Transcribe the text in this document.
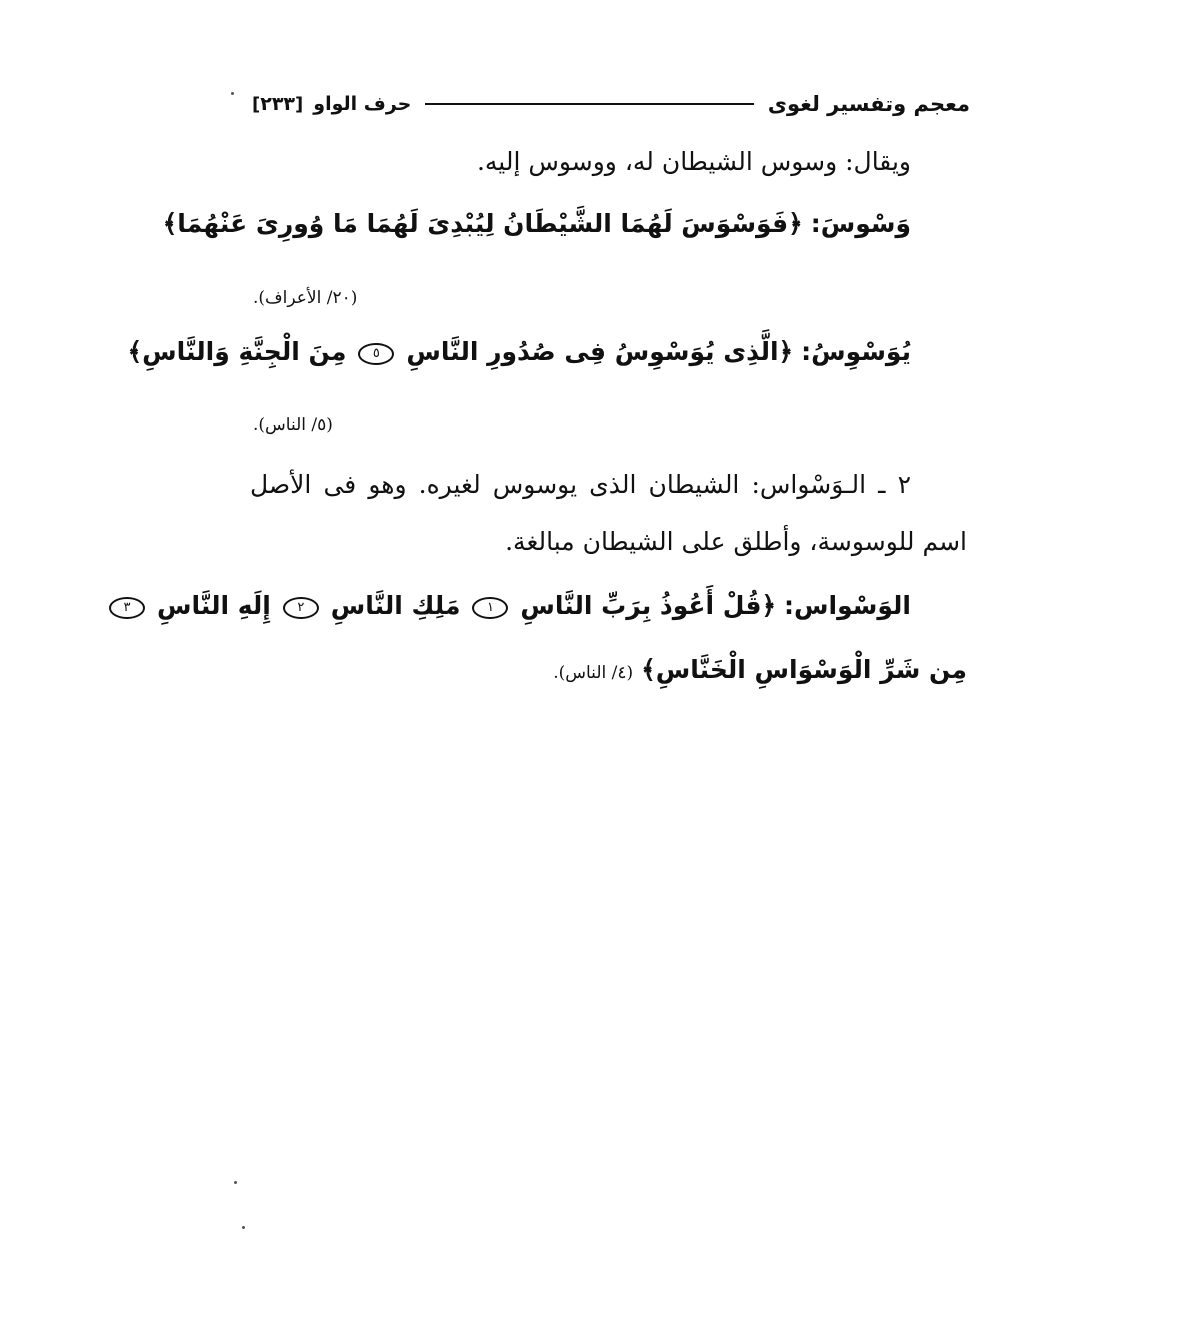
معجم وتفسير لغوى
حرف الواو
[٢٣٣]
ويقال: وسوس الشيطان له، ووسوس إليه.
وَسْوسَ: ﴿فَوَسْوَسَ لَهُمَا الشَّيْطَانُ لِيُبْدِىَ لَهُمَا مَا وُورِىَ عَنْهُمَا﴾
(٢٠/ الأعراف).
يُوَسْوِسُ: ﴿الَّذِى يُوَسْوِسُ فِى صُدُورِ النَّاسِ ٥ مِنَ الْجِنَّةِ وَالنَّاسِ﴾
(٥/ الناس).
٢ ـ الـوَسْواس: الشيطان الذى يوسوس لغيره. وهو فى الأصل
اسم للوسوسة، وأطلق على الشيطان مبالغة.
الوَسْواس: ﴿قُلْ أَعُوذُ بِرَبِّ النَّاسِ ١ مَلِكِ النَّاسِ ٢ إِلَهِ النَّاسِ ٣
مِن شَرِّ الْوَسْوَاسِ الْخَنَّاسِ﴾ (٤/ الناس).
